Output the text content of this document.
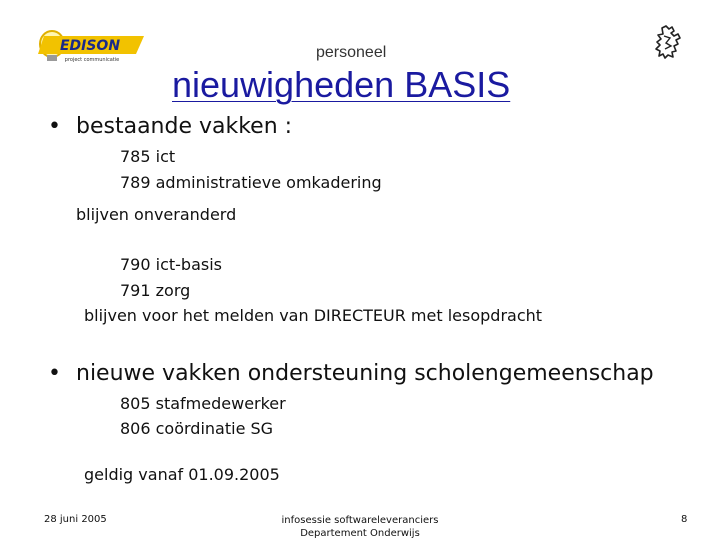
EDISON
project communicatie	personeel
nieuwigheden BASIS
• bestaande vakken :
785 ict
789 administratieve omkadering
blijven onveranderd
790 ict-basis
791 zorg
blijven voor het melden van DIRECTEUR met lesopdracht
• nieuwe vakken ondersteuning scholengemeenschap
805 stafmedewerker
806 coördinatie SG
geldig vanaf 01.09.2005
28 juni 2005	infosessie softwareleveranciers
Departement Onderwijs
8
